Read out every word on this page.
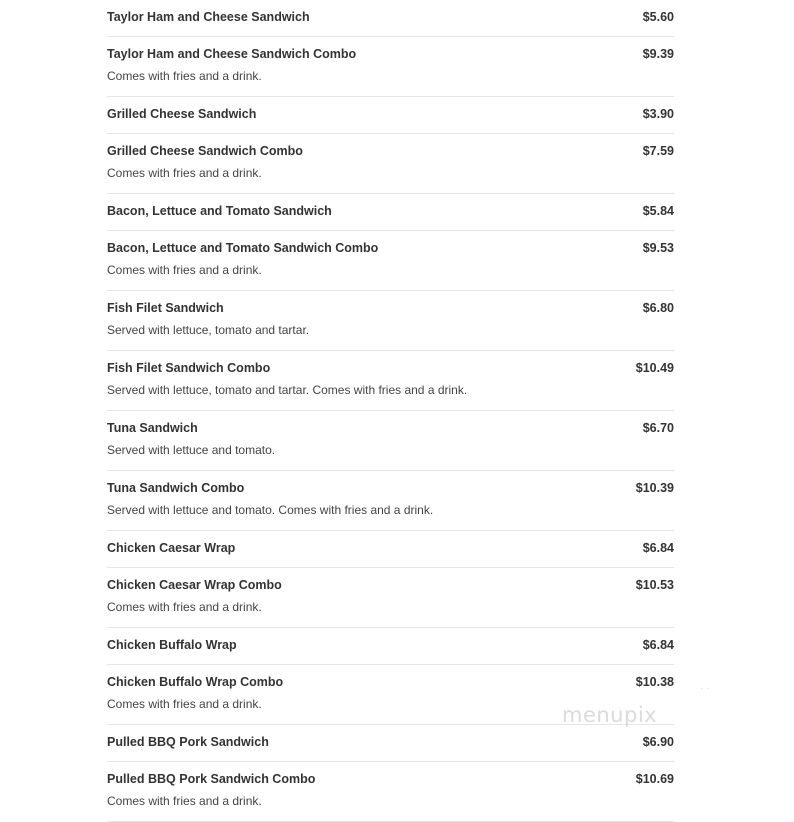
Taylor Ham and Cheese Sandwich	$5.60
Taylor Ham and Cheese Sandwich Combo	$9.39
Comes with fries and a drink.
Grilled Cheese Sandwich	$3.90
Grilled Cheese Sandwich Combo	$7.59
Comes with fries and a drink.
Bacon, Lettuce and Tomato Sandwich	$5.84
Bacon, Lettuce and Tomato Sandwich Combo	$9.53
Comes with fries and a drink.
Fish Filet Sandwich	$6.80
Served with lettuce, tomato and tartar.
Fish Filet Sandwich Combo	$10.49
Served with lettuce, tomato and tartar. Comes with fries and a drink.
Tuna Sandwich	$6.70
Served with lettuce and tomato.
Tuna Sandwich Combo	$10.39
Served with lettuce and tomato. Comes with fries and a drink.
Chicken Caesar Wrap	$6.84
Chicken Caesar Wrap Combo	$10.53
Comes with fries and a drink.
Chicken Buffalo Wrap	$6.84
Chicken Buffalo Wrap Combo	$10.38
Comes with fries and a drink.
Pulled BBQ Pork Sandwich	$6.90
Pulled BBQ Pork Sandwich Combo	$10.69
Comes with fries and a drink.
· ·
menupix
